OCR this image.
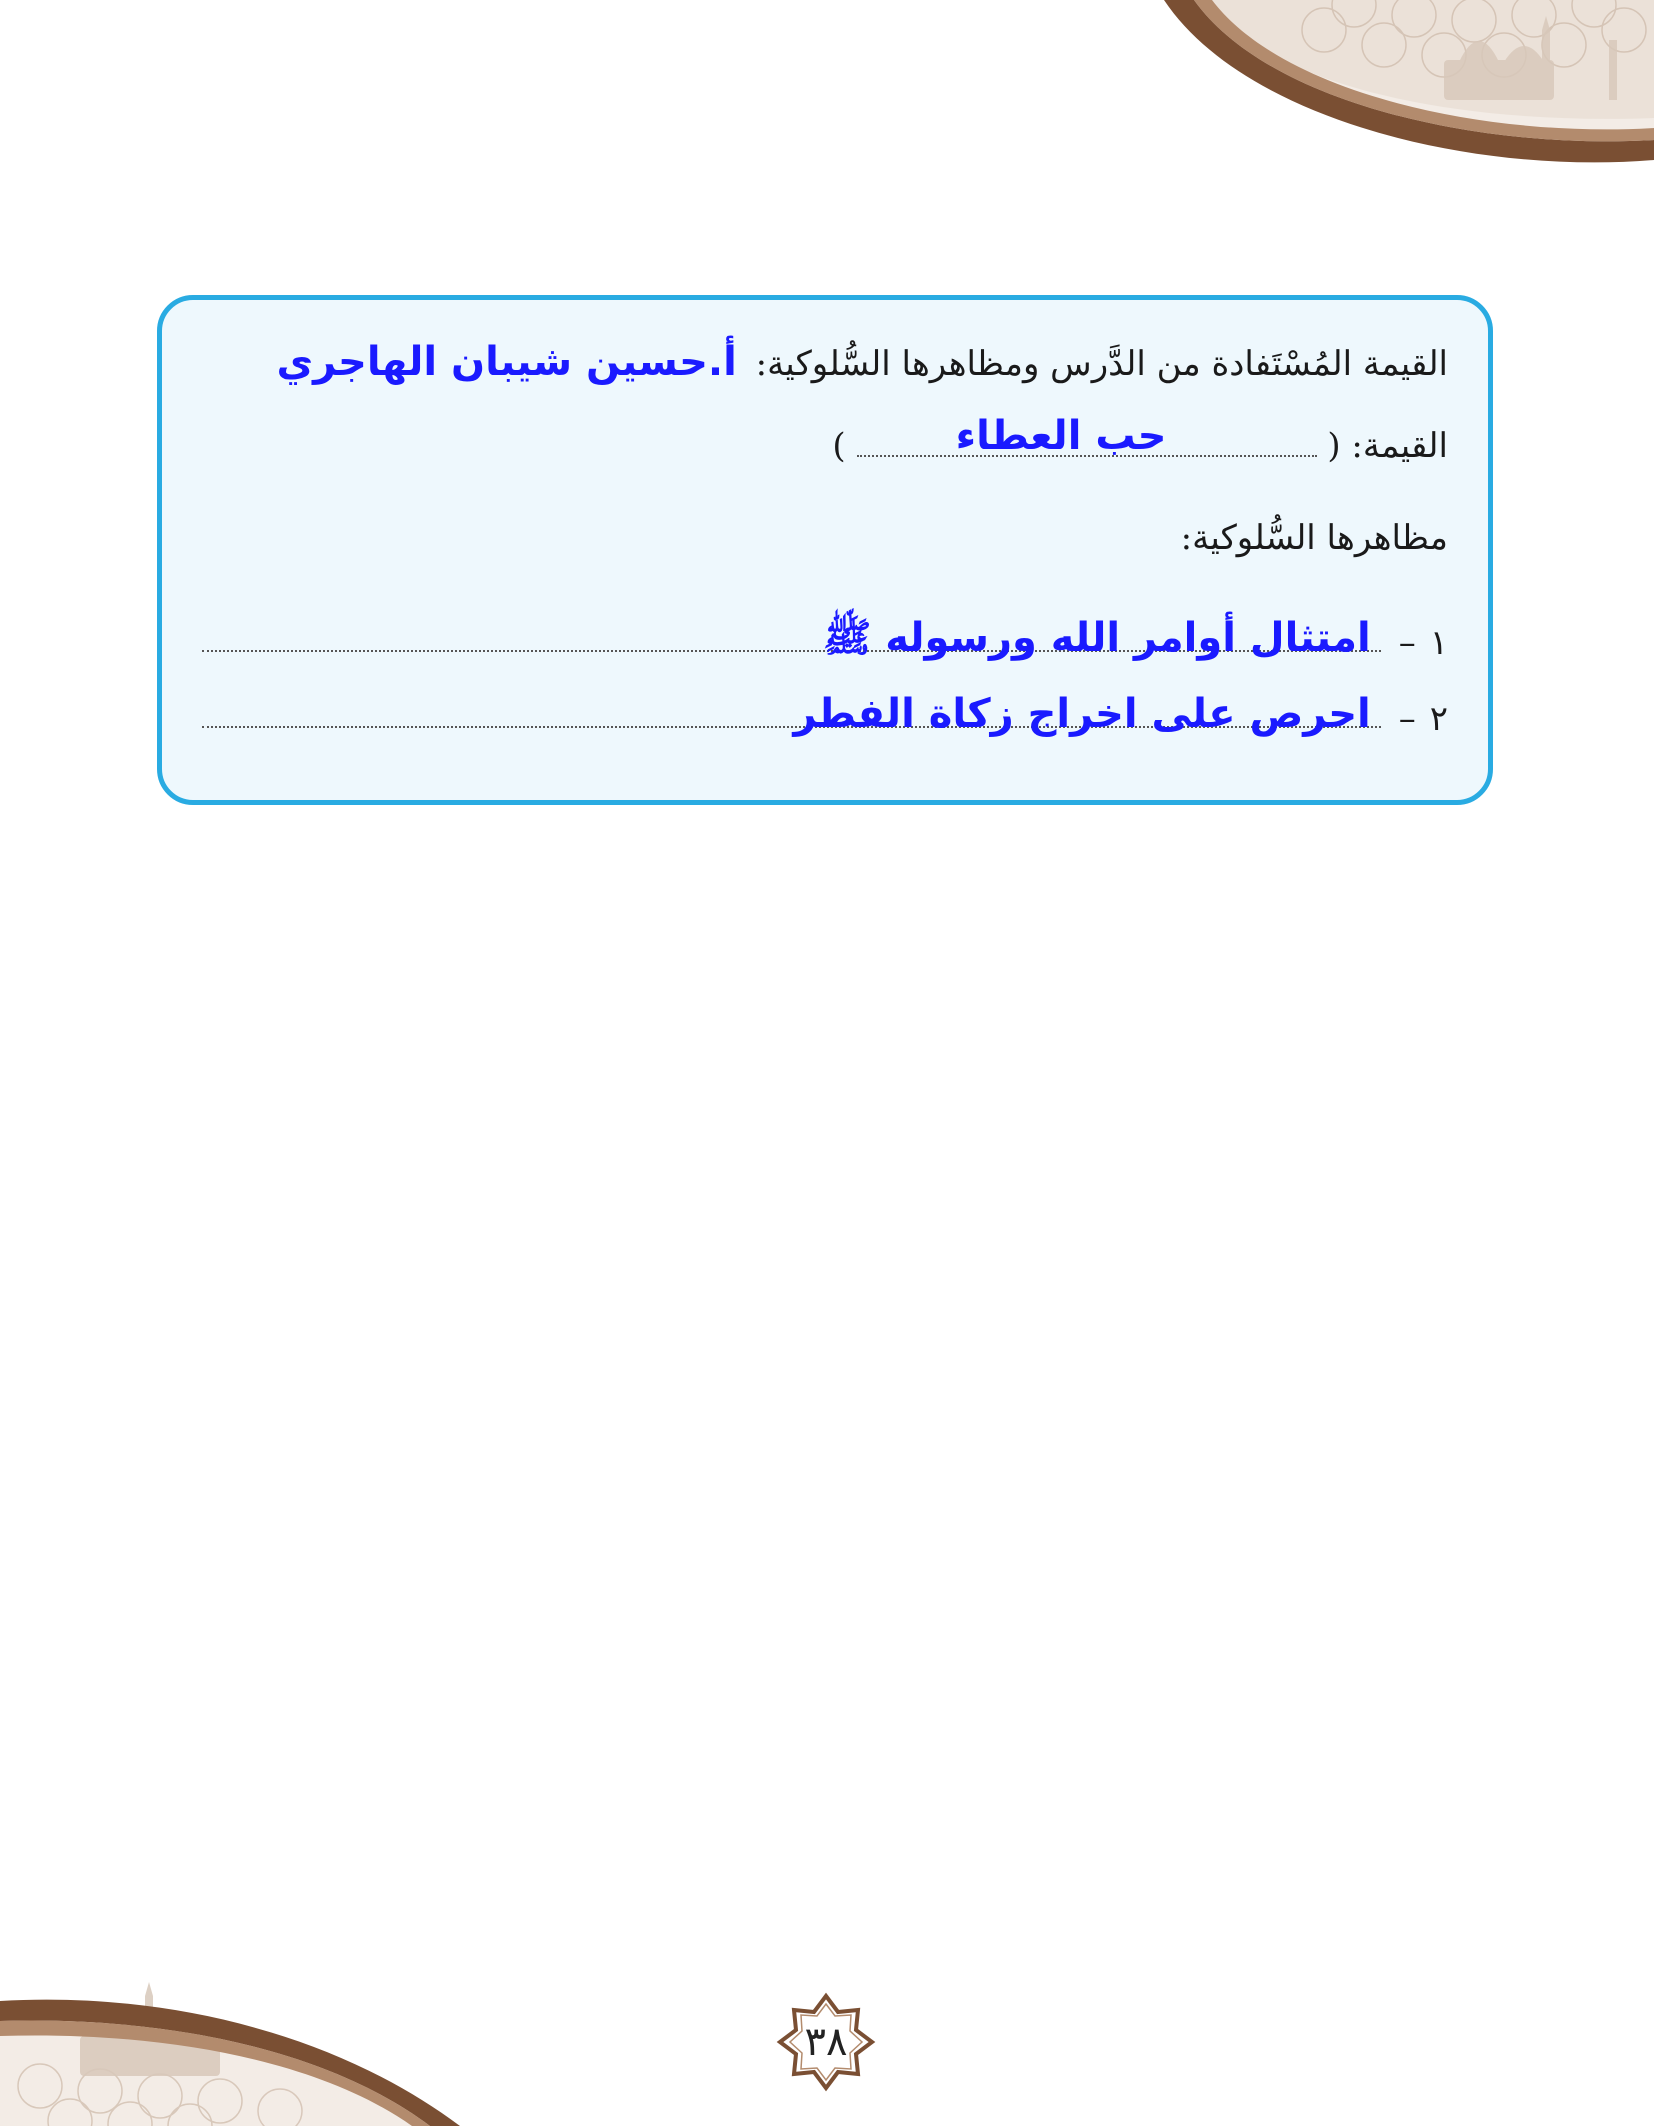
القيمة المُسْتَفادة من الدَّرس ومظاهرها السُّلوكية: أ.حسين شيبان الهاجري
القيمة: (
حب العطاء
)
مظاهرها السُّلوكية:
١
–
امتثال أوامر الله ورسوله ﷺ
٢
–
احرص على اخراج زكاة الفطر
٣٨
